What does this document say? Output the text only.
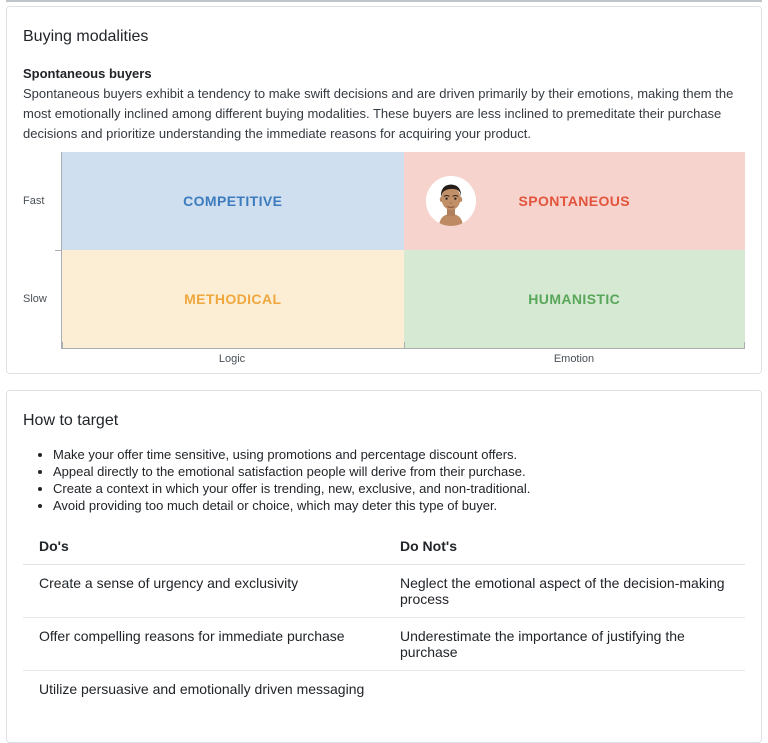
Buying modalities
Spontaneous buyers

Spontaneous buyers exhibit a tendency to make swift decisions and are driven primarily by their emotions, making them the most emotionally inclined among different buying modalities. These buyers are less inclined to premeditate their purchase decisions and prioritize understanding the immediate reasons for acquiring your product.

Fast
Slow
COMPETITIVE	SPONTANEOUS
METHODICAL	HUMANISTIC
Logic	Emotion
How to target
• Make your offer time sensitive, using promotions and percentage discount offers.
• Appeal directly to the emotional satisfaction people will derive from their purchase.
• Create a context in which your offer is trending, new, exclusive, and non-traditional.
• Avoid providing too much detail or choice, which may deter this type of buyer.
Do's	Do Not's
Create a sense of urgency and exclusivity	Neglect the emotional aspect of the decision-making process
Offer compelling reasons for immediate purchase	Underestimate the importance of justifying the purchase
Utilize persuasive and emotionally driven messaging	
